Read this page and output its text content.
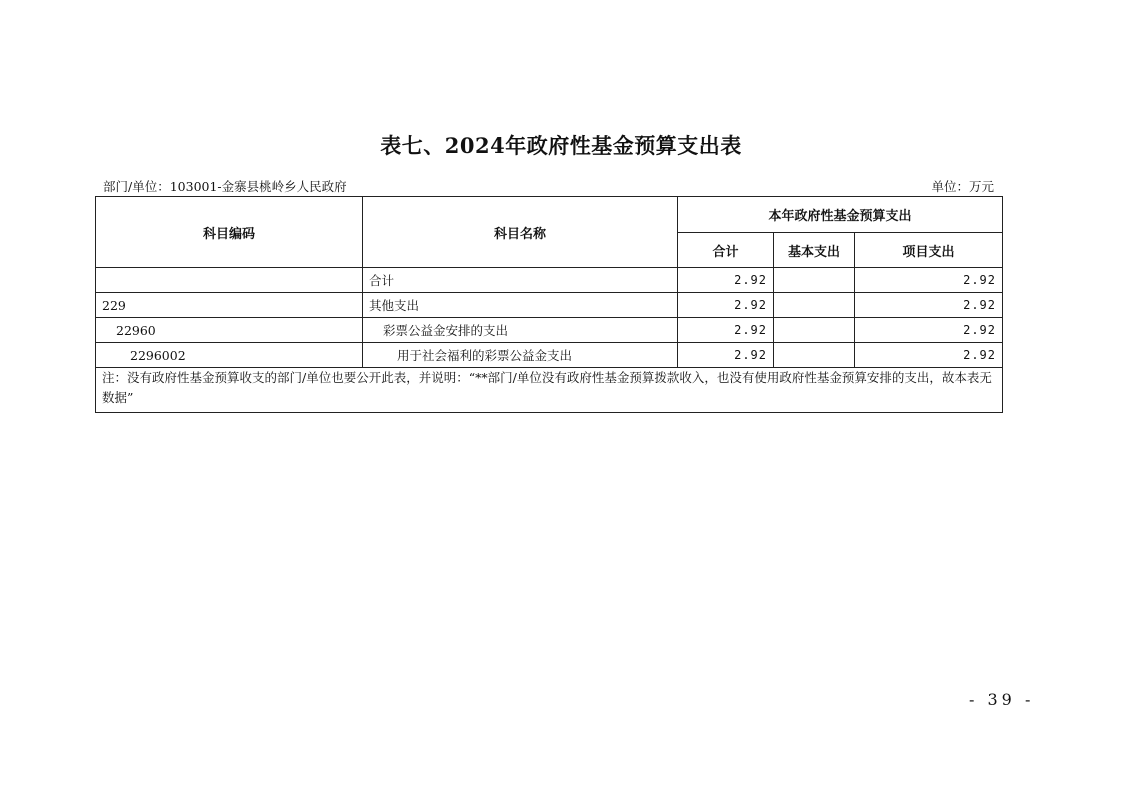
表七、2024年政府性基金预算支出表
部门/单位：103001-金寨县桃岭乡人民政府	单位：万元
科目编码	科目名称	本年政府性基金预算支出		
		合计	基本支出	项目支出
	合计	2.92		2.92
229	其他支出	2.92		2.92
22960	彩票公益金安排的支出	2.92		2.92
2296002	用于社会福利的彩票公益金支出	2.92		2.92
注：没有政府性基金预算收支的部门/单位也要公开此表，并说明：“**部门/单位没有政府性基金预算拨款收入，也没有使用政府性基金预算安排的支出，故本表无数据”				
- 39 -
